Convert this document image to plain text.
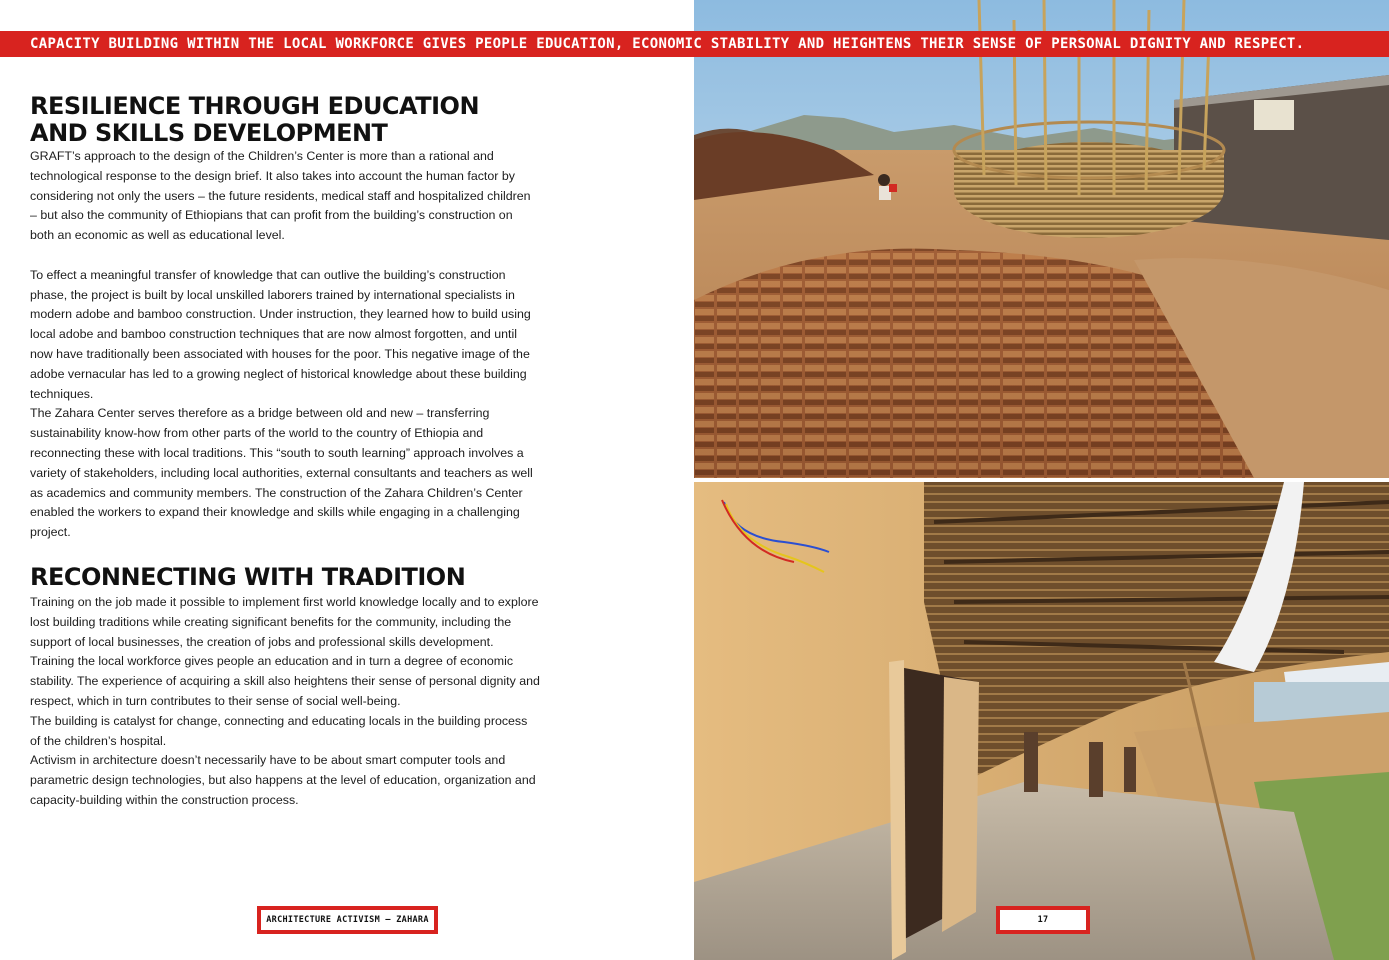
CAPACITY BUILDING WITHIN THE LOCAL WORKFORCE GIVES PEOPLE EDUCATION, ECONOMIC STABILITY AND HEIGHTENS THEIR SENSE OF PERSONAL DIGNITY AND RESPECT.
RESILIENCE THROUGH EDUCATION AND SKILLS DEVELOPMENT

GRAFT’s approach to the design of the Children’s Center is more than a rational and technological response to the design brief. It also takes into account the human factor by considering not only the users – the future residents, medical staff and hospitalized children – but also the community of Ethiopians that can profit from the building’s construction on both an economic as well as educational level.

To effect a meaningful transfer of knowledge that can outlive the building’s construction phase, the project is built by local unskilled laborers trained by international specialists in modern adobe and bamboo construction. Under instruction, they learned how to build using local adobe and bamboo construction techniques that are now almost forgotten, and until now have traditionally been associated with houses for the poor. This negative image of the adobe vernacular has led to a growing neglect of historical knowledge about these building techniques.

The Zahara Center serves therefore as a bridge between old and new – transferring sustainability know-how from other parts of the world to the country of Ethiopia and reconnecting these with local traditions. This “south to south learning” approach involves a variety of stakeholders, including local authorities, external consultants and teachers as well as academics and community members. The construction of the Zahara Children’s Center enabled the workers to expand their knowledge and skills while engaging in a challenging project.

RECONNECTING WITH TRADITION

Training on the job made it possible to implement first world knowledge locally and to explore lost building traditions while creating significant benefits for the community, including the support of local businesses, the creation of jobs and professional skills development.

Training the local workforce gives people an education and in turn a degree of economic stability. The experience of acquiring a skill also heightens their sense of personal dignity and respect, which in turn contributes to their sense of social well-being.

The building is catalyst for change, connecting and educating locals in the building process of the children’s hospital.

Activism in architecture doesn’t necessarily have to be about smart computer tools and parametric design technologies, but also happens at the level of education, organization and capacity-building within the construction process.

ARCHITECTURE ACTIVISM — ZAHARA	17
